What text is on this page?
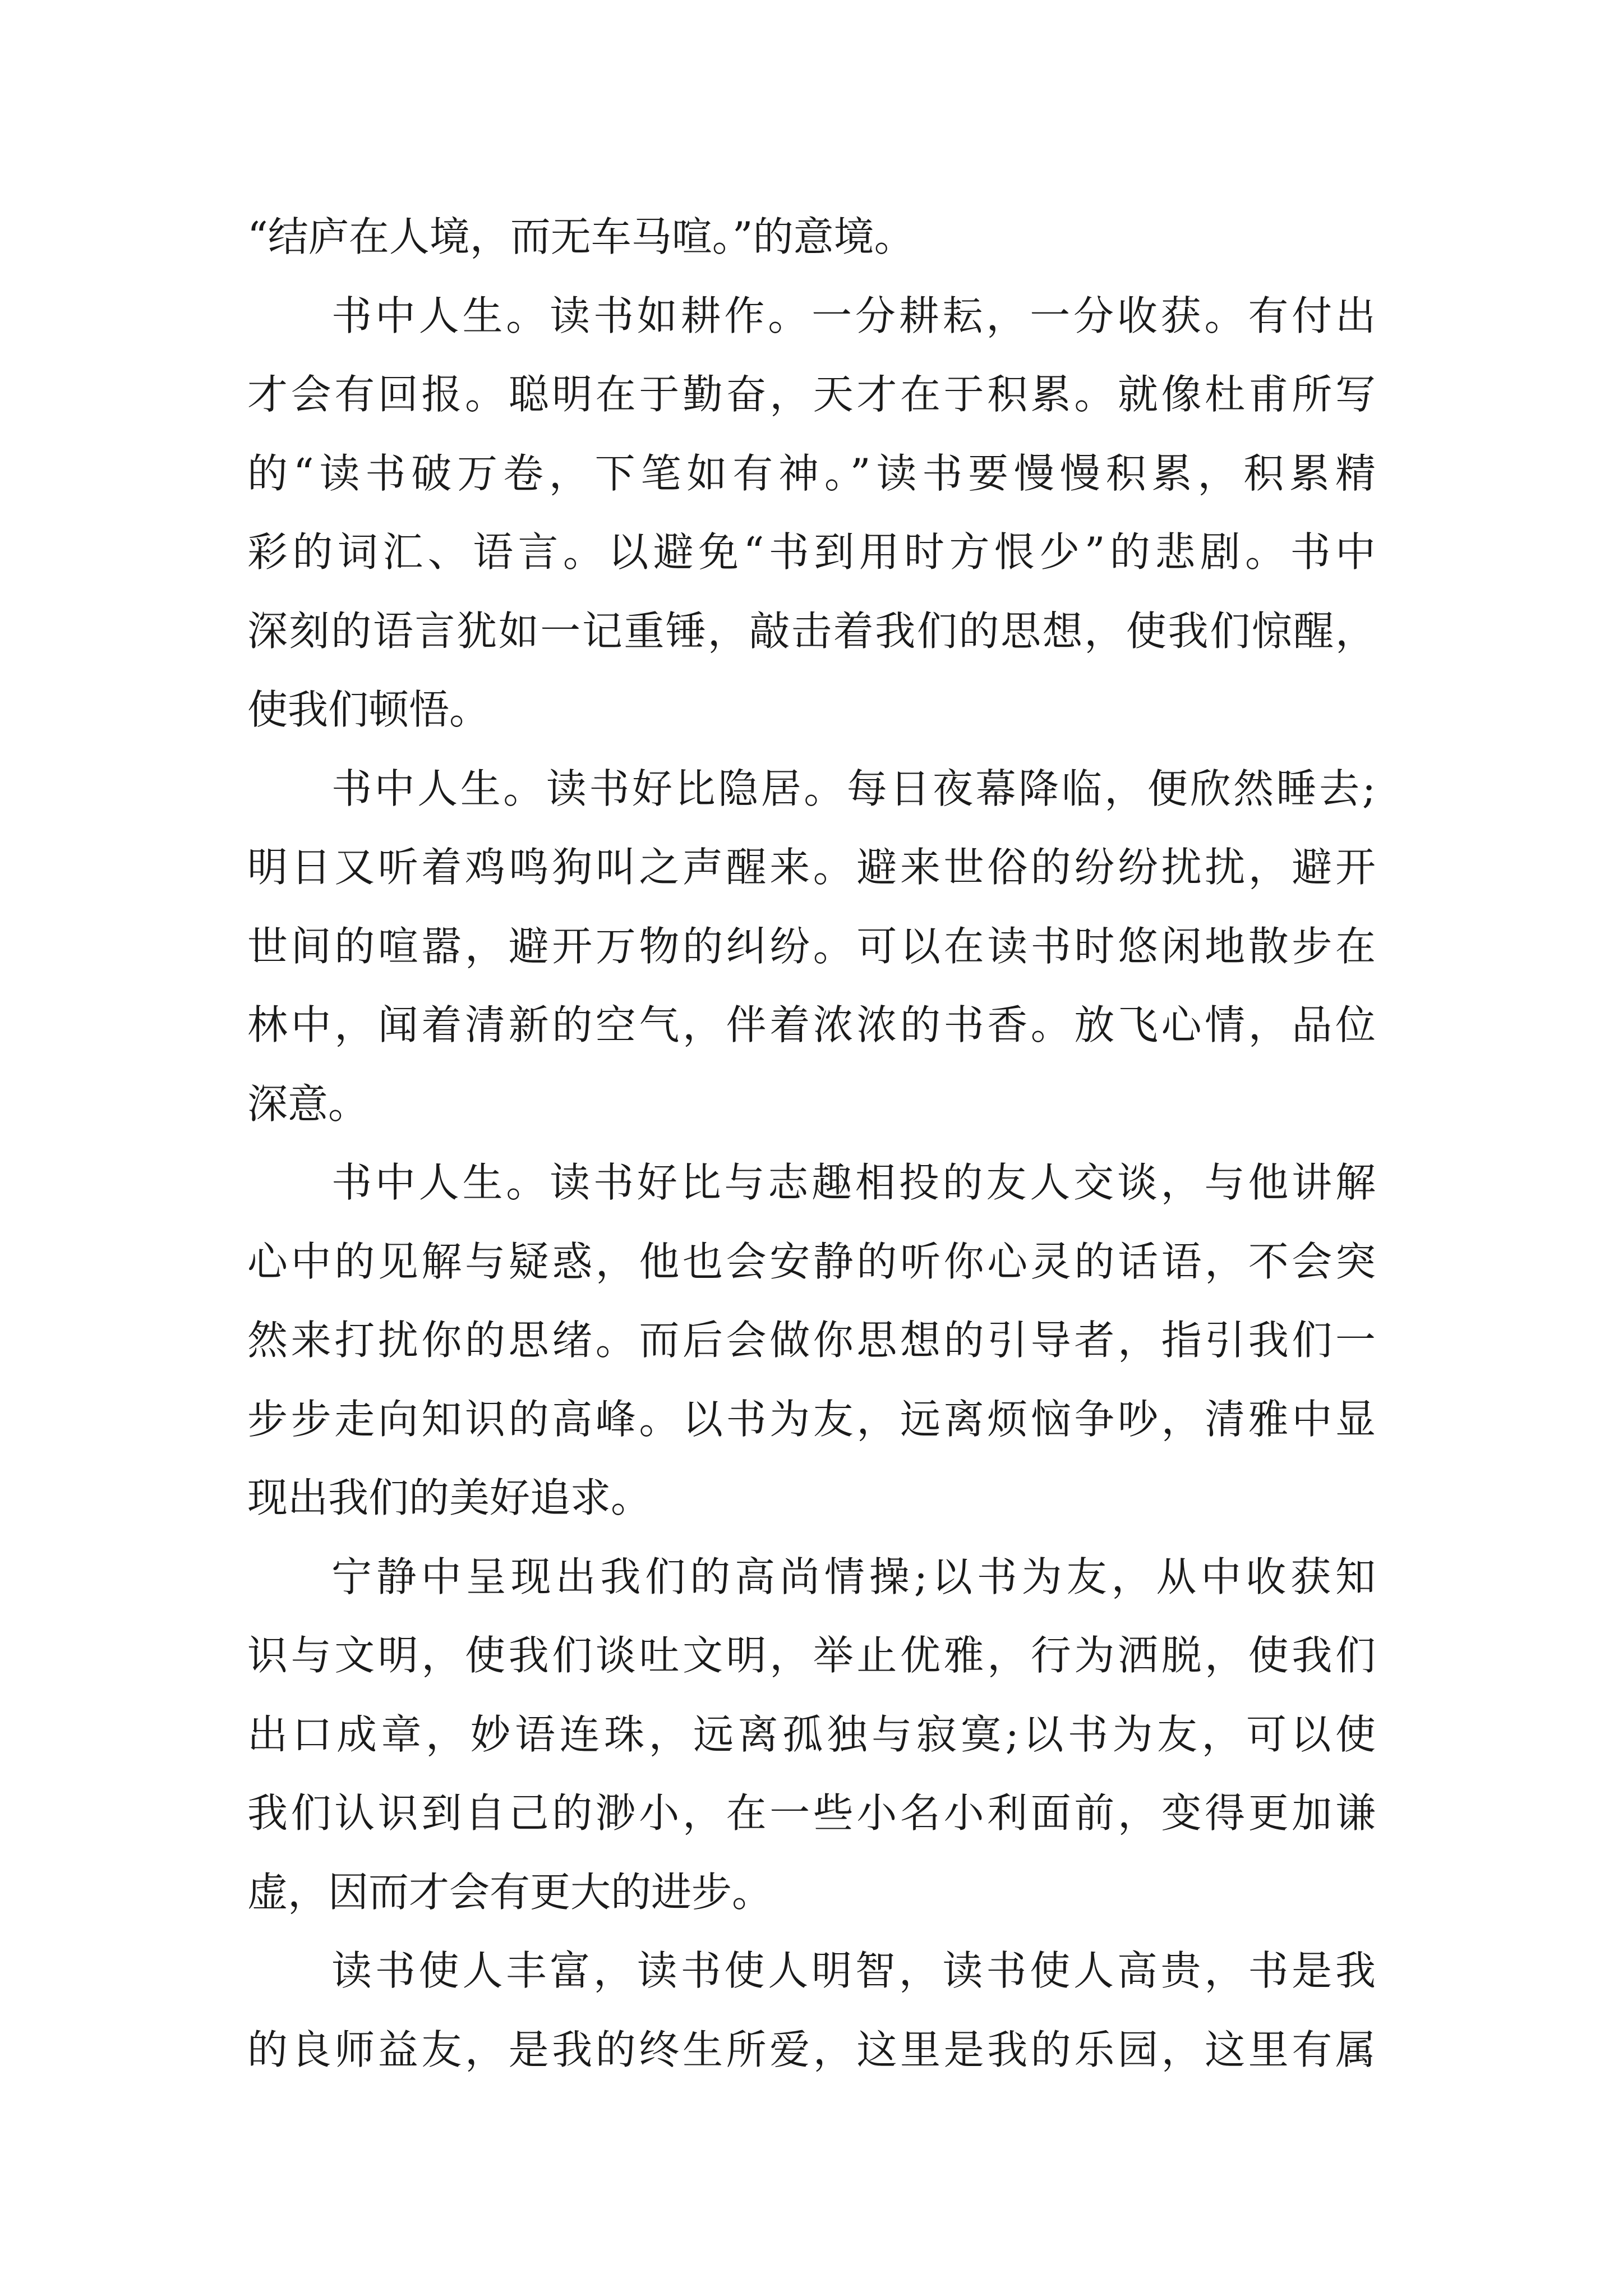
“结庐在人境，而无车马喧。”的意境。
书中人生。读书如耕作。一分耕耘，一分收获。有付出
才会有回报。聪明在于勤奋，天才在于积累。就像杜甫所写
的“读书破万卷，下笔如有神。”读书要慢慢积累，积累精
彩的词汇、语言。以避免“书到用时方恨少”的悲剧。书中
深刻的语言犹如一记重锤，敲击着我们的思想，使我们惊醒，
使我们顿悟。
书中人生。读书好比隐居。每日夜幕降临，便欣然睡去;
明日又听着鸡鸣狗叫之声醒来。避来世俗的纷纷扰扰，避开
世间的喧嚣，避开万物的纠纷。可以在读书时悠闲地散步在
林中，闻着清新的空气，伴着浓浓的书香。放飞心情，品位
深意。
书中人生。读书好比与志趣相投的友人交谈，与他讲解
心中的见解与疑惑，他也会安静的听你心灵的话语，不会突
然来打扰你的思绪。而后会做你思想的引导者，指引我们一
步步走向知识的高峰。以书为友，远离烦恼争吵，清雅中显
现出我们的美好追求。
宁静中呈现出我们的高尚情操;以书为友，从中收获知
识与文明，使我们谈吐文明，举止优雅，行为洒脱，使我们
出口成章，妙语连珠，远离孤独与寂寞;以书为友，可以使
我们认识到自己的渺小，在一些小名小利面前，变得更加谦
虚，因而才会有更大的进步。
读书使人丰富，读书使人明智，读书使人高贵，书是我
的良师益友，是我的终生所爱，这里是我的乐园，这里有属
